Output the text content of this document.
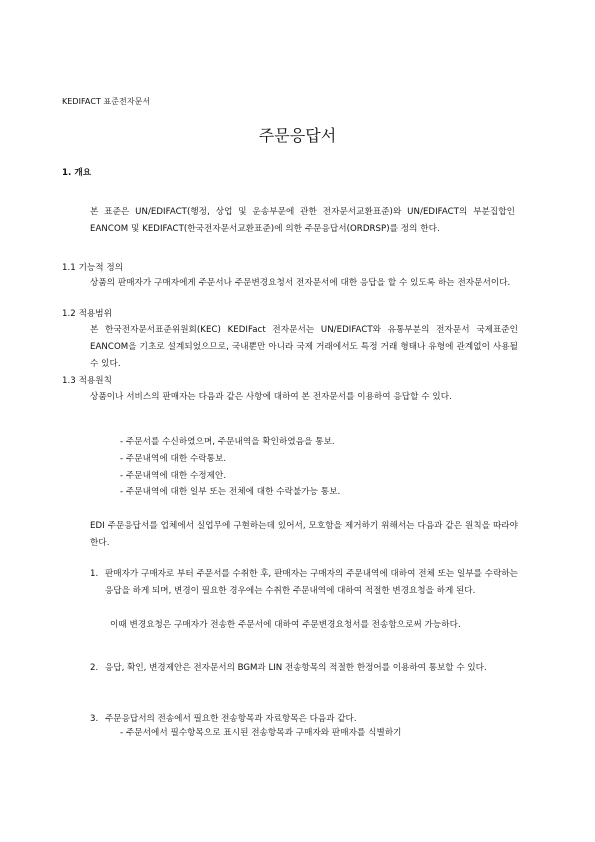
KEDIFACT 표준전자문서
주문응답서
1. 개요
본 표준은 UN/EDIFACT(행정, 상업 및 운송부문에 관한 전자문서교환표준)와 UN/EDIFACT의 부분집합인 EANCOM 및 KEDIFACT(한국전자문서교환표준)에 의한 주문응답서(ORDRSP)를 정의 한다.
1.1 기능적 정의
상품의 판매자가 구매자에게 주문서나 주문변경요청서 전자문서에 대한 응답을 할 수 있도록 하는 전자문서이다.
1.2 적용범위
본 한국전자문서표준위원회(KEC) KEDIFact 전자문서는 UN/EDIFACT와 유통부분의 전자문서 국제표준인 EANCOM을 기초로 설계되었으므로, 국내뿐만 아니라 국제 거래에서도 특정 거래 형태나 유형에 관계없이 사용될 수 있다.
1.3 적용원칙
상품이나 서비스의 판매자는 다음과 같은 사항에 대하여 본 전자문서를 이용하여 응답할 수 있다.
- 주문서를 수신하였으며, 주문내역을 확인하였음을 통보.
- 주문내역에 대한 수락통보.
- 주문내역에 대한 수정제안.
- 주문내역에 대한 일부 또는 전체에 대한 수락불가능 통보.
EDI 주문응답서를 업체에서 실업무에 구현하는데 있어서, 모호함을 제거하기 위해서는 다음과 같은 원칙을 따라야 한다.
1. 판매자가 구매자로 부터 주문서를 수취한 후, 판매자는 구매자의 주문내역에 대하여 전체 또는 일부를 수락하는 응답을 하게 되며, 변경이 필요한 경우에는 수취한 주문내역에 대하여 적절한 변경요청을 하게 된다.
이때 변경요청은 구매자가 전송한 주문서에 대하여 주문변경요청서를 전송함으로써 가능하다.
2. 응답, 확인, 변경제안은 전자문서의 BGM과 LIN 전송항목의 적절한 한정어를 이용하여 통보할 수 있다.
3. 주문응답서의 전송에서 필요한 전송항목과 자료항목은 다음과 같다.
- 주문서에서 필수항목으로 표시된 전송항목과 구매자와 판매자를 식별하기
